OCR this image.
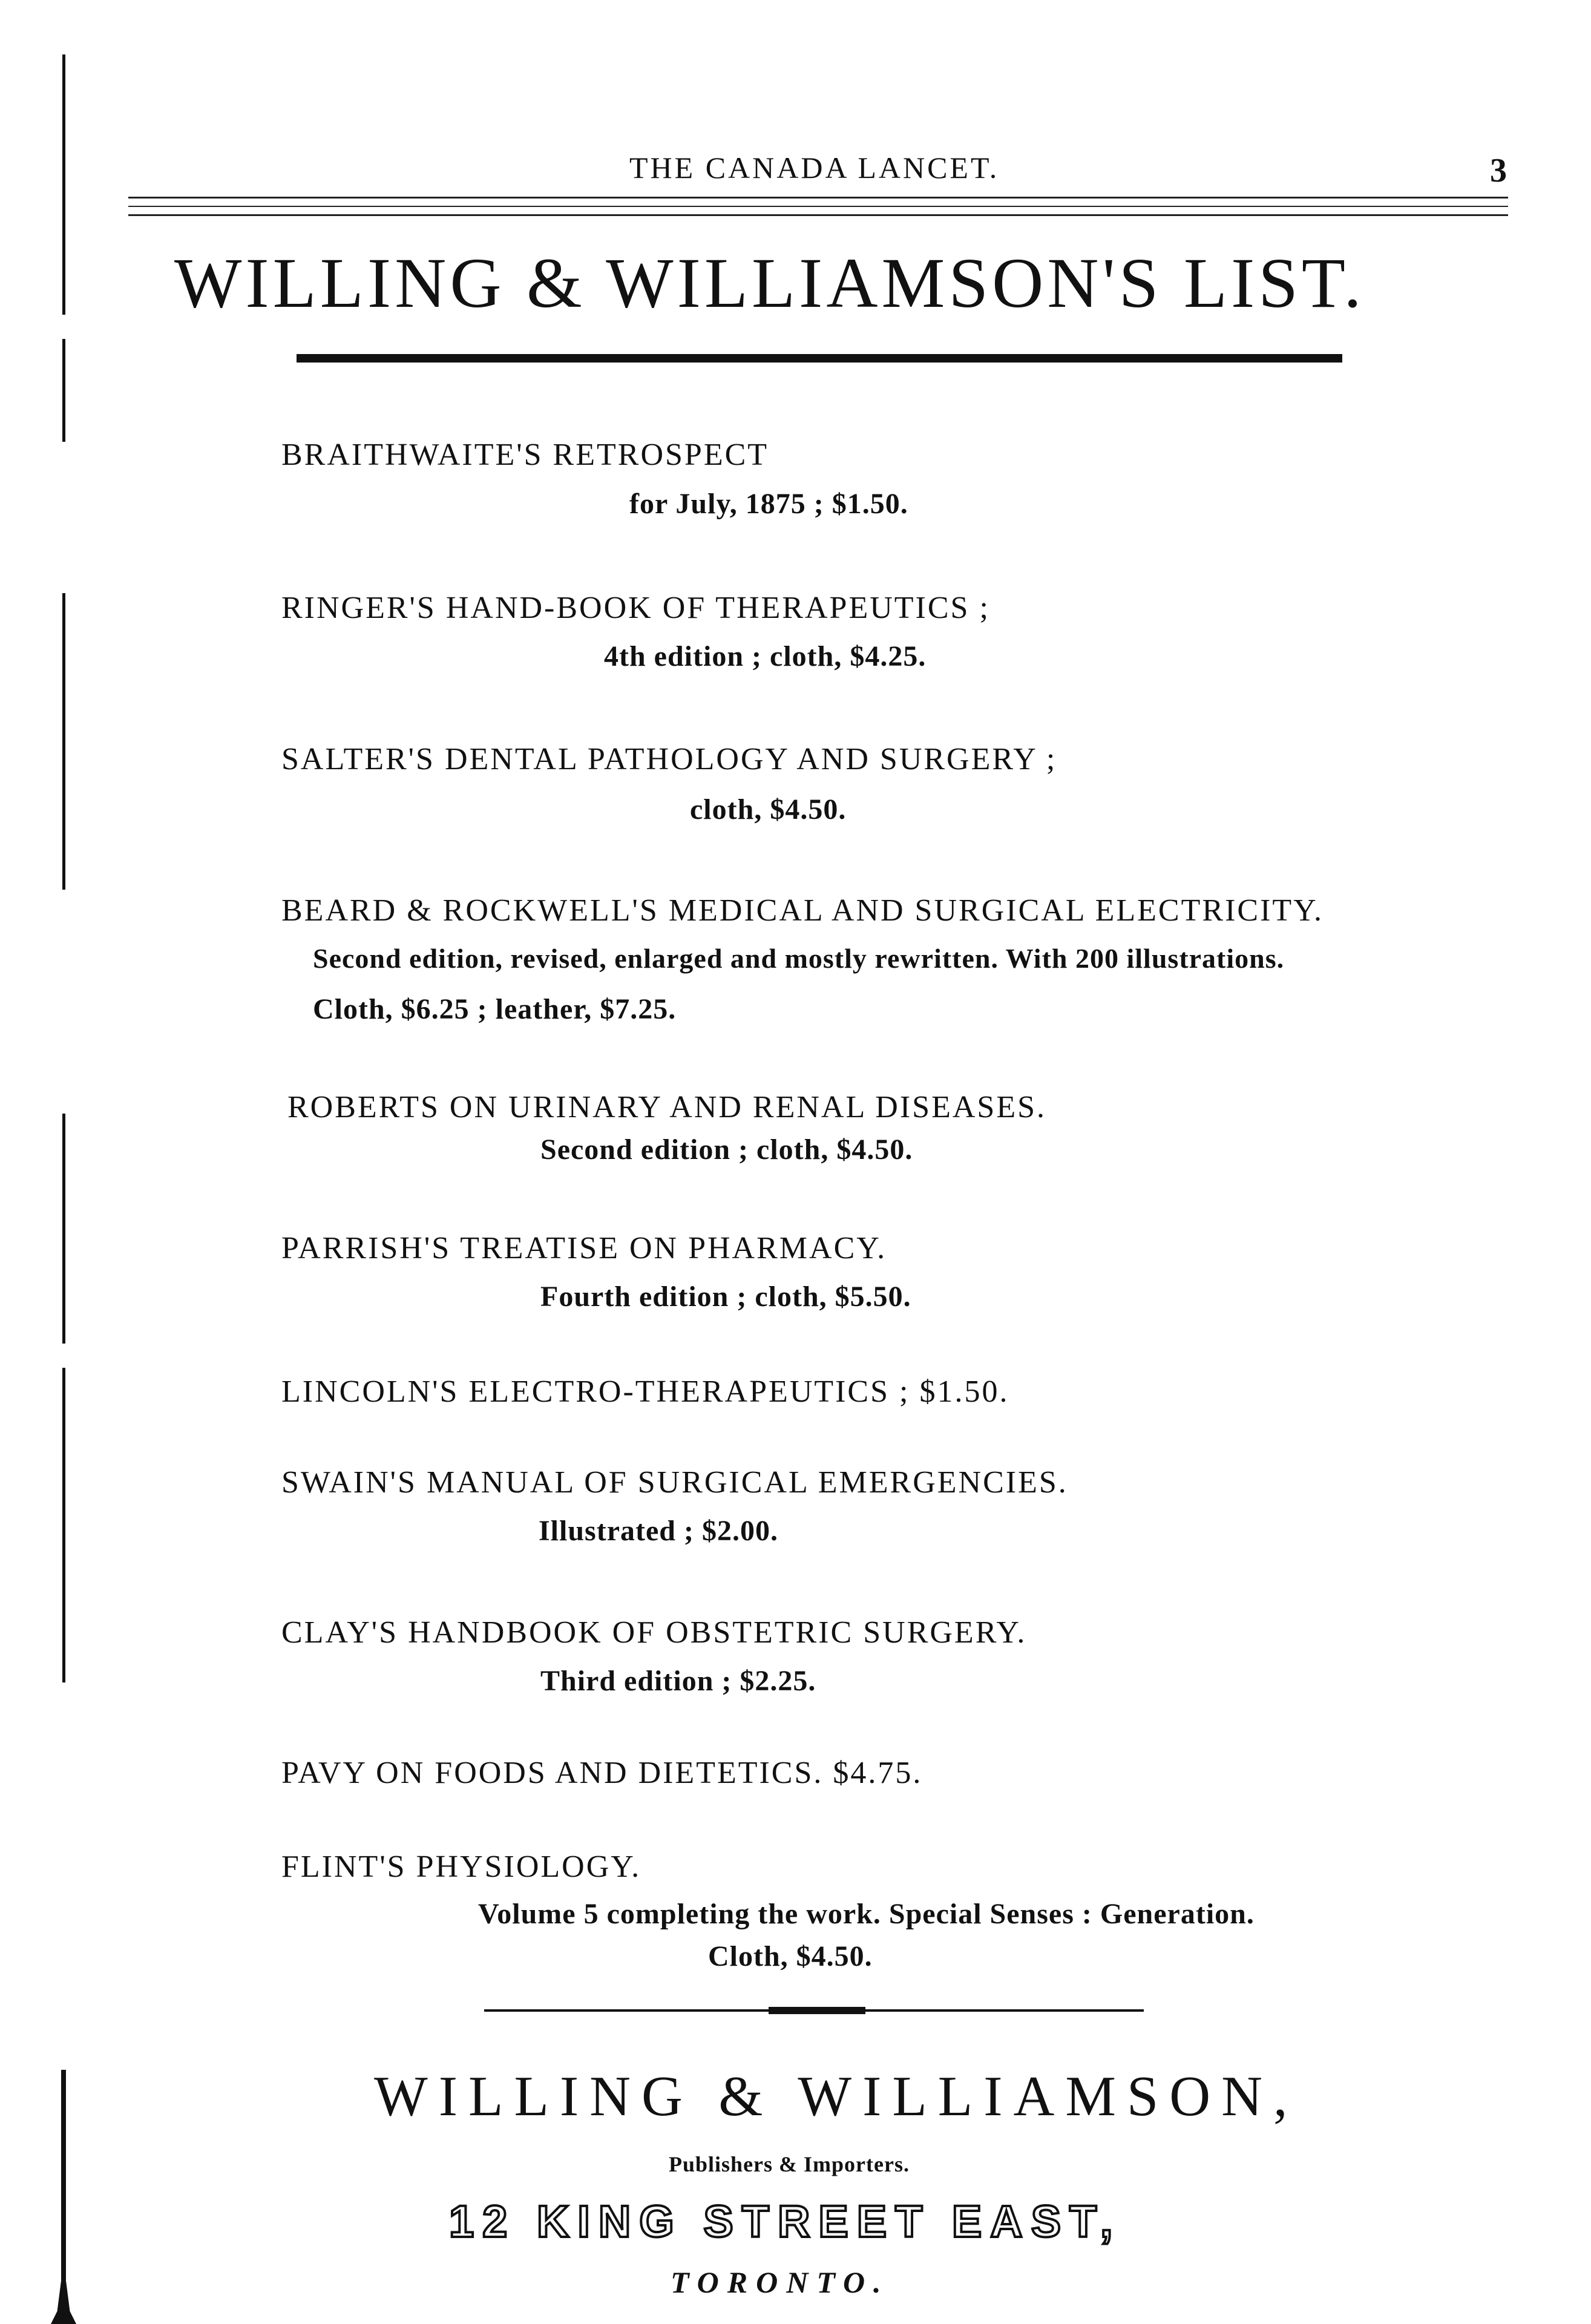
THE CANADA LANCET.	3
WILLING & WILLIAMSON'S LIST.
BRAITHWAITE'S RETROSPECT
for July, 1875 ; $1.50.
RINGER'S HAND-BOOK OF THERAPEUTICS ;
4th edition ; cloth, $4.25.
SALTER'S DENTAL PATHOLOGY AND SURGERY ;
cloth, $4.50.
BEARD & ROCKWELL'S MEDICAL AND SURGICAL ELECTRICITY.
Second edition, revised, enlarged and mostly rewritten. With 200 illustrations.
Cloth, $6.25 ; leather, $7.25.
ROBERTS ON URINARY AND RENAL DISEASES.
Second edition ; cloth, $4.50.
PARRISH'S TREATISE ON PHARMACY.
Fourth edition ; cloth, $5.50.
LINCOLN'S ELECTRO-THERAPEUTICS ; $1.50.
SWAIN'S MANUAL OF SURGICAL EMERGENCIES.
Illustrated ; $2.00.
CLAY'S HANDBOOK OF OBSTETRIC SURGERY.
Third edition ; $2.25.
PAVY ON FOODS AND DIETETICS. $4.75.
FLINT'S PHYSIOLOGY.
Volume 5 completing the work. Special Senses : Generation.
Cloth, $4.50.
WILLING & WILLIAMSON,
Publishers & Importers.
12 KING STREET EAST,
TORONTO.
